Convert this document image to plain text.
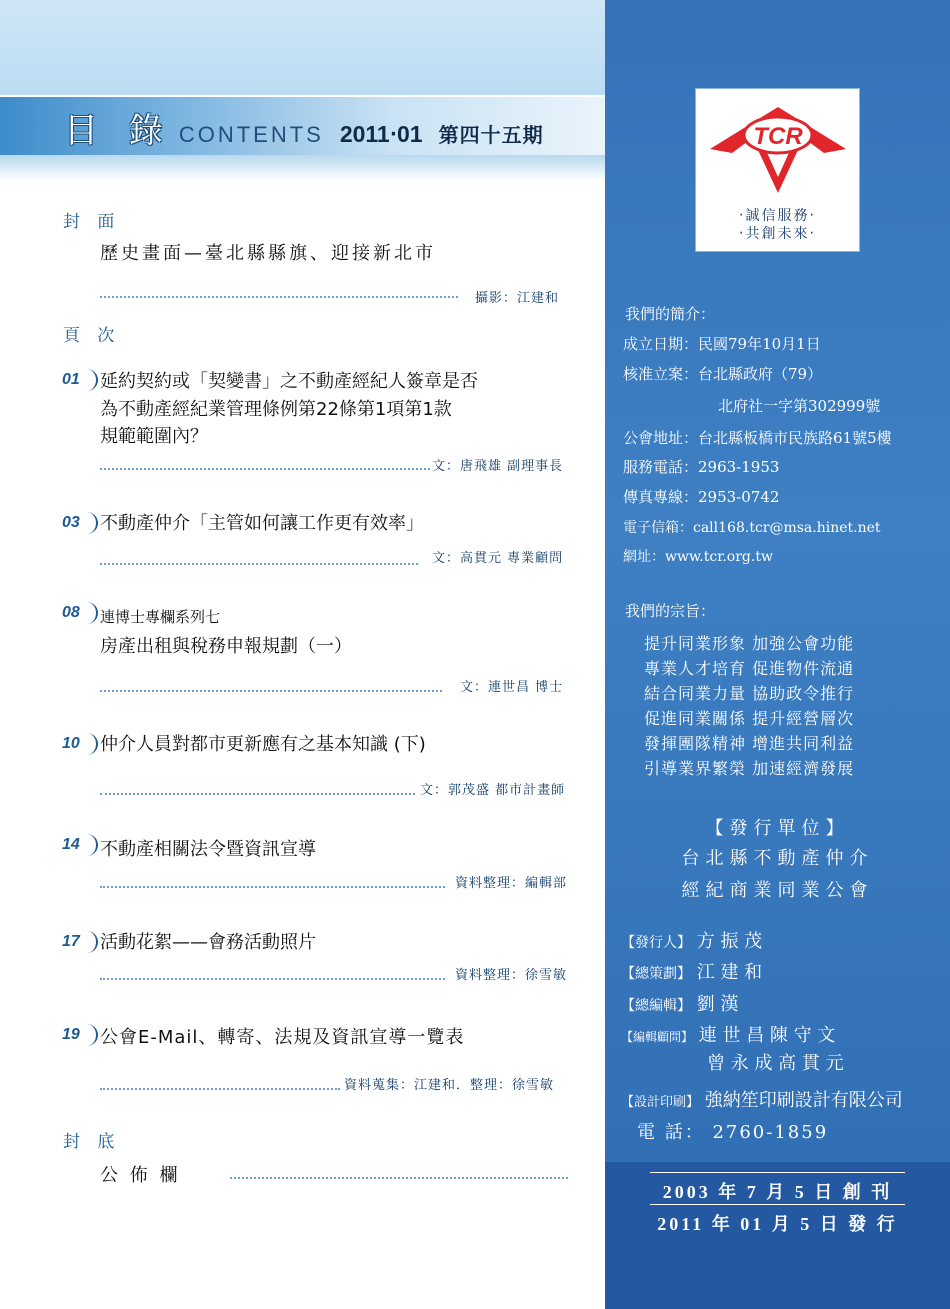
目 錄 CONTENTS 2011‧01 第四十五期
封 面
歷史畫面—臺北縣縣旗、迎接新北市
攝影：江建和
頁 次
01 延約契約或「契變書」之不動產經紀人簽章是否
為不動產經紀業管理條例第22條第1項第1款
規範範圍內？
文：唐飛雄 副理事長
03 不動產仲介「主管如何讓工作更有效率」
文：高貫元 專業顧問
08 連博士專欄系列七
房產出租與稅務申報規劃（一）
文：連世昌 博士
10 仲介人員對都市更新應有之基本知識 (下)
文：郭茂盛 都市計畫師
14 不動產相關法令暨資訊宣導
資料整理：編輯部
17 活動花絮——會務活動照片
資料整理：徐雪敏
19 公會E-Mail、轉寄、法規及資訊宣導一覽表
資料蒐集：江建和．整理：徐雪敏
封 底
公 佈 欄
TCR
‧誠信服務‧
‧共創未來‧
我們的簡介：
成立日期：民國79年10月1日
核准立案：台北縣政府（79）
北府社一字第302999號
公會地址：台北縣板橋市民族路61號5樓
服務電話：2963-1953
傳真專線：2953-0742
電子信箱：call168.tcr@msa.hinet.net
網址：www.tcr.org.tw
我們的宗旨：
提升同業形象 加強公會功能
專業人才培育 促進物件流通
結合同業力量 協助政令推行
促進同業關係 提升經營層次
發揮團隊精神 增進共同利益
引導業界繁榮 加速經濟發展
【發行單位】
台北縣不動產仲介
經紀商業同業公會
【發行人】 方 振 茂
【總策劃】 江 建 和
【總編輯】 劉 漢
【編輯顧問】 連 世 昌 陳 守 文
曾 永 成 高 貫 元
【設計印刷】 強納笙印刷設計有限公司
電 話： 2760-1859
2003 年 7 月 5 日 創 刊
2011 年 01 月 5 日 發 行
